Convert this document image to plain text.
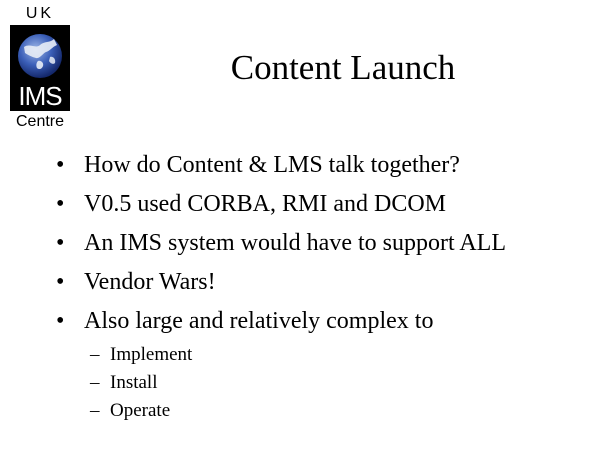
UK
IMS
Centre
Content Launch
• How do Content & LMS talk together?
• V0.5 used CORBA, RMI and DCOM
• An IMS system would have to support ALL
• Vendor Wars!
• Also large and relatively complex to
– Implement
– Install
– Operate
